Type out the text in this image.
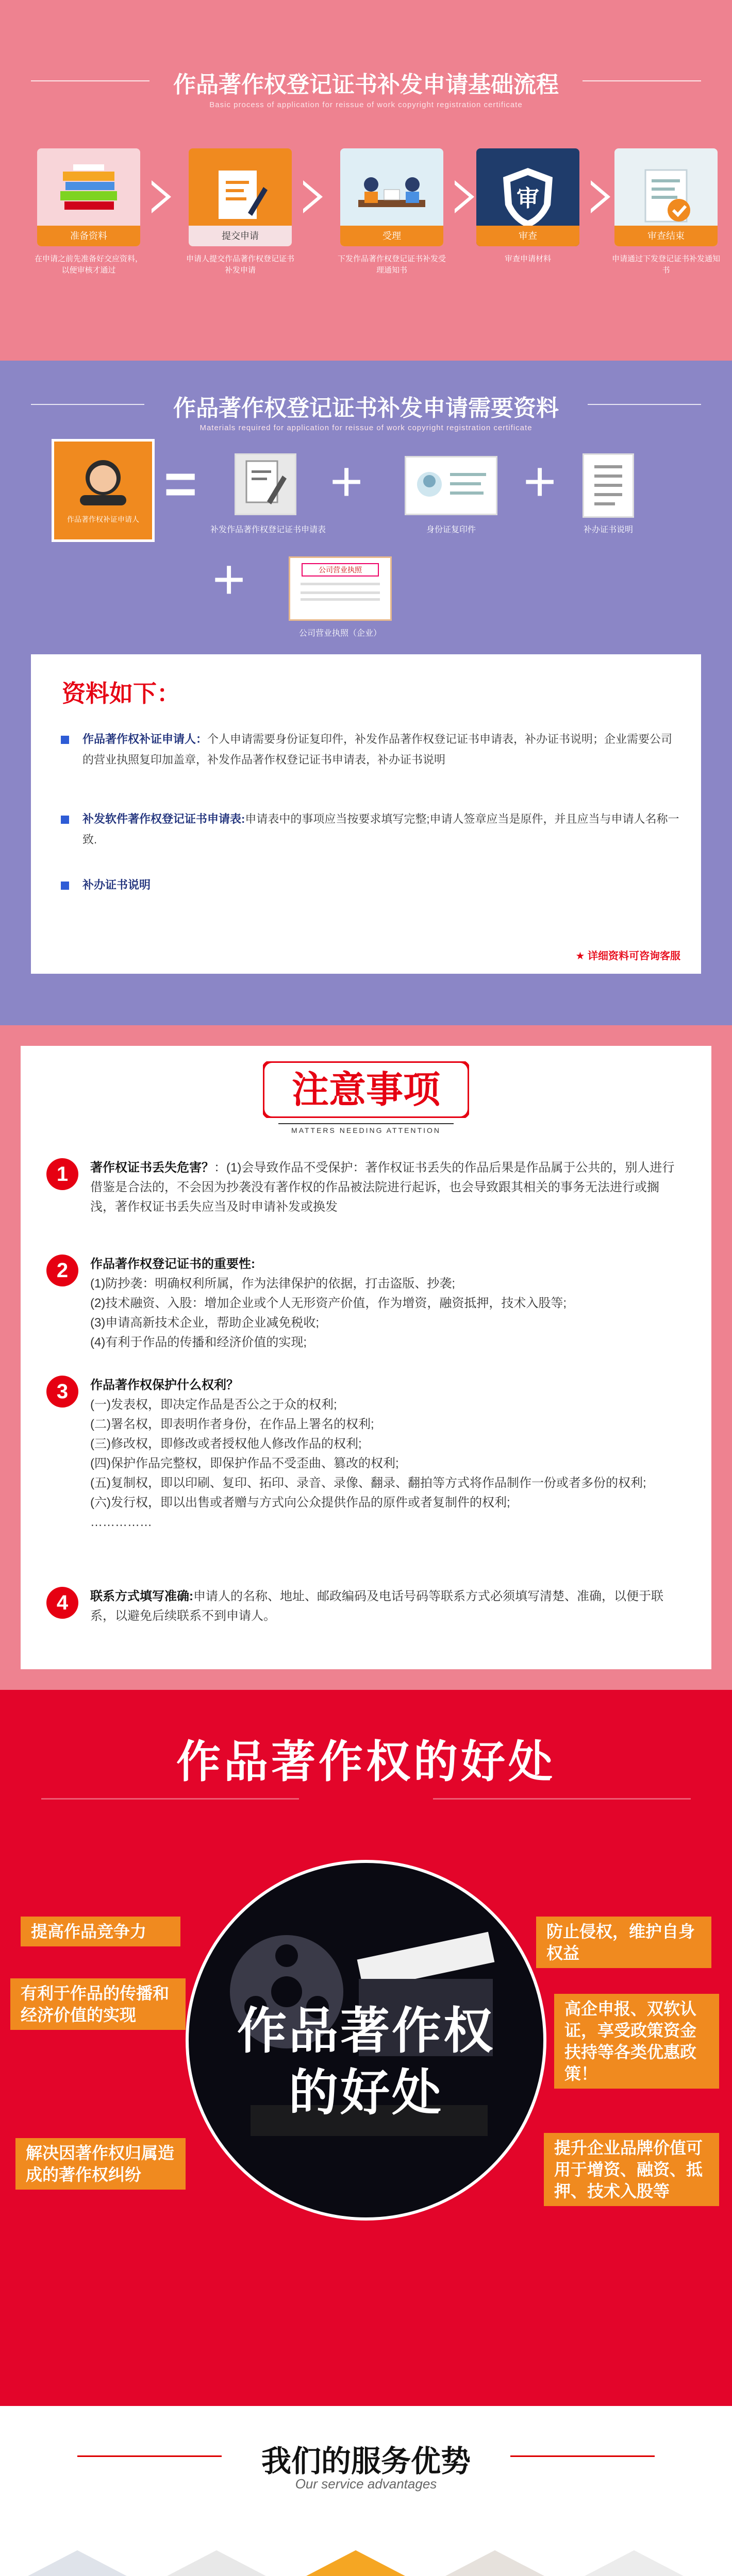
作品著作权登记证书补发申请基础流程
Basic process of application for reissue of work copyright registration certificate
准备资料
在申请之前先准备好交应资料，以便审核才通过
提交申请
申请人提交作品著作权登记证书补发申请
受理
下发作品著作权登记证书补发受理通知书
审
审查
审查申请材料
审查结束
申请通过下发登记证书补发通知书
作品著作权登记证书补发申请需要资料
Materials required for application for reissue of work copyright registration certificate
作品著作权补证申请人
=
补发作品著作权登记证书申请表
+
身份证复印件
+
补办证书说明
+	公司营业执照
公司营业执照（企业）
资料如下：
作品著作权补证申请人：个人申请需要身份证复印件，补发作品著作权登记证书申请表，补办证书说明；企业需要公司的营业执照复印加盖章，补发作品著作权登记证书申请表，补办证书说明
补发软件著作权登记证书申请表:申请表中的事项应当按要求填写完整;申请人签章应当是原件，并且应当与申请人名称一致.
补办证书说明
★ 详细资料可咨询客服
注意事项
MATTERS NEEDING ATTENTION
1	著作权证书丢失危害？：(1)会导致作品不受保护：著作权证书丢失的作品后果是作品属于公共的，别人进行借鉴是合法的，不会因为抄袭没有著作权的作品被法院进行起诉，也会导致跟其相关的事务无法进行或搁浅，著作权证书丢失应当及时申请补发或换发
2	作品著作权登记证书的重要性:
(1)防抄袭：明确权利所属，作为法律保护的依据，打击盗版、抄袭;
(2)技术融资、入股：增加企业或个人无形资产价值，作为增资，融资抵押，技术入股等;
(3)申请高新技术企业，帮助企业减免税收;
(4)有利于作品的传播和经济价值的实现;
3	作品著作权保护什么权利？
(一)发表权，即决定作品是否公之于众的权利;
(二)署名权，即表明作者身份，在作品上署名的权利;
(三)修改权，即修改或者授权他人修改作品的权利;
(四)保护作品完整权，即保护作品不受歪曲、篡改的权利;
(五)复制权，即以印刷、复印、拓印、录音、录像、翻录、翻拍等方式将作品制作一份或者多份的权利;
(六)发行权，即以出售或者赠与方式向公众提供作品的原件或者复制件的权利;
……………
4	联系方式填写准确:申请人的名称、地址、邮政编码及电话号码等联系方式必须填写清楚、准确，以便于联系，以避免后续联系不到申请人。
作品著作权的好处
作品著作权
的好处
提高作品竞争力
有利于作品的传播和经济价值的实现
解决因著作权归属造成的著作权纠纷
防止侵权，维护自身权益
高企申报、双软认证，享受政策资金扶持等各类优惠政策！
提升企业品牌价值可用于增资、融资、抵押、技术入股等
我们的服务优势
Our service advantages
